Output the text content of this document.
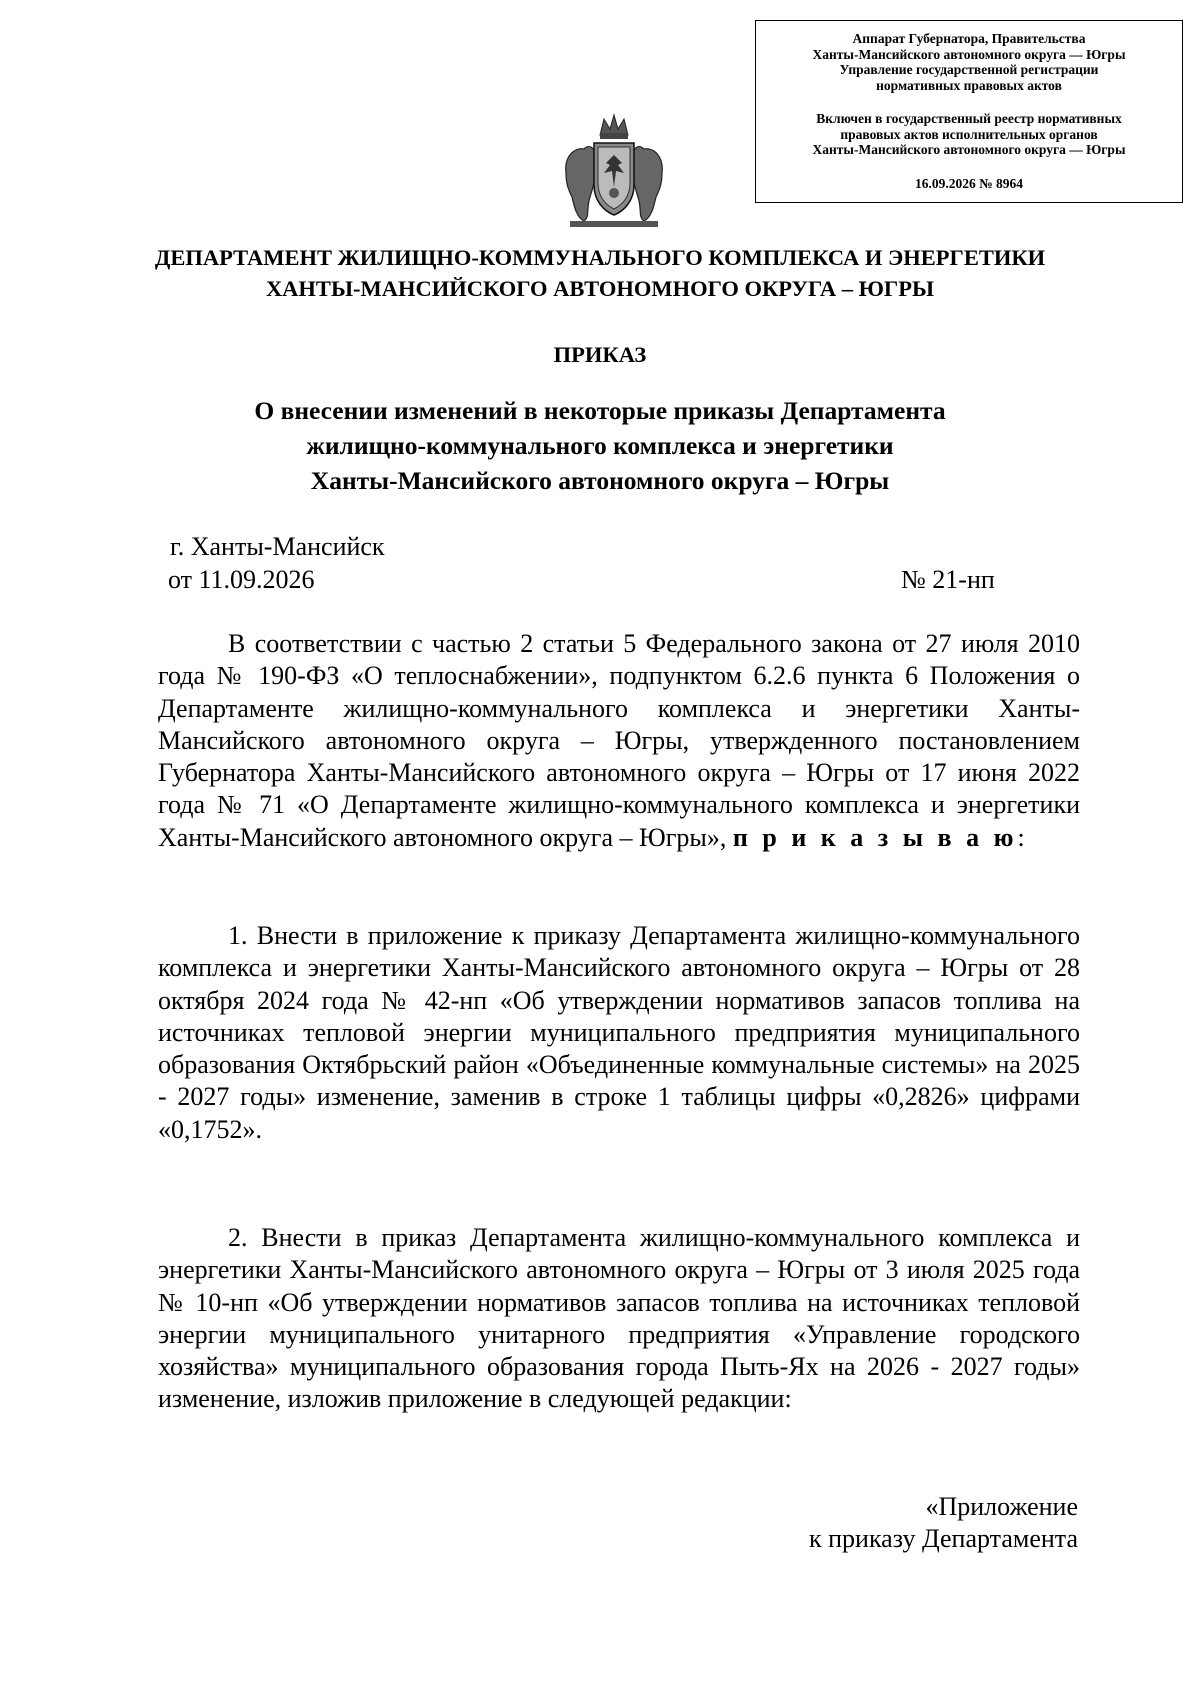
Аппарат Губернатора, Правительства
Ханты-Мансийского автономного округа — Югры
Управление государственной регистрации
нормативных правовых актов
Включен в государственный реестр нормативных
правовых актов исполнительных органов
Ханты-Мансийского автономного округа — Югры
16.09.2026 № 8964
ДЕПАРТАМЕНТ ЖИЛИЩНО-КОММУНАЛЬНОГО КОМПЛЕКСА И ЭНЕРГЕТИКИ
ХАНТЫ-МАНСИЙСКОГО АВТОНОМНОГО ОКРУГА – ЮГРЫ
ПРИКАЗ
О внесении изменений в некоторые приказы Департамента
жилищно-коммунального комплекса и энергетики
Ханты-Мансийского автономного округа – Югры
г. Ханты-Мансийск
от 11.09.2026	№ 21-нп

В соответствии с частью 2 статьи 5 Федерального закона от 27 июля 2010 года № 190-ФЗ «О теплоснабжении», подпунктом 6.2.6 пункта 6 Положения о Департаменте жилищно-коммунального комплекса и энергетики Ханты-Мансийского автономного округа – Югры, утвержденного постановлением Губернатора Ханты-Мансийского автономного округа – Югры от 17 июня 2022 года № 71 «О Департаменте жилищно-коммунального комплекса и энергетики Ханты-Мансийского автономного округа – Югры», п р и к а з ы в а ю:

1. Внести в приложение к приказу Департамента жилищно-коммунального комплекса и энергетики Ханты-Мансийского автономного округа – Югры от 28 октября 2024 года № 42-нп «Об утверждении нормативов запасов топлива на источниках тепловой энергии муниципального предприятия муниципального образования Октябрьский район «Объединенные коммунальные системы» на 2025 - 2027 годы» изменение, заменив в строке 1 таблицы цифры «0,2826» цифрами «0,1752».

2. Внести в приказ Департамента жилищно-коммунального комплекса и энергетики Ханты-Мансийского автономного округа – Югры от 3 июля 2025 года № 10-нп «Об утверждении нормативов запасов топлива на источниках тепловой энергии муниципального унитарного предприятия «Управление городского хозяйства» муниципального образования города Пыть-Ях на 2026 - 2027 годы» изменение, изложив приложение в следующей редакции:

«Приложение
к приказу Департамента
